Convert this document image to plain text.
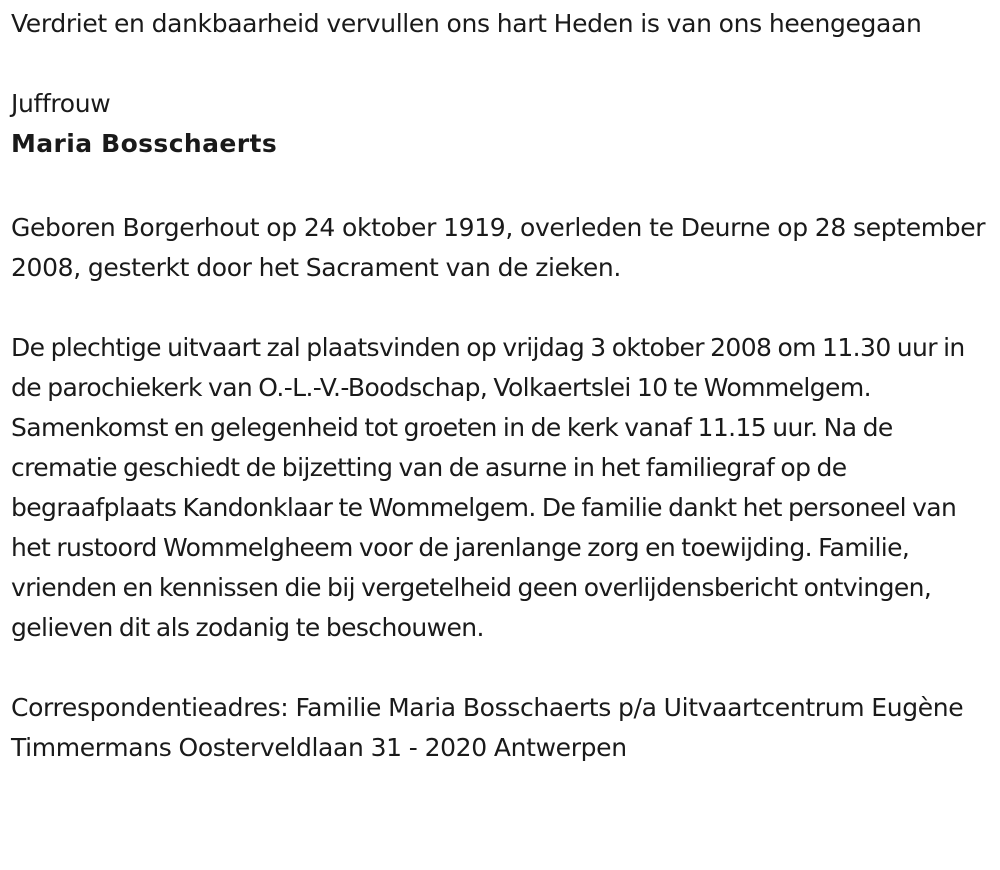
Verdriet en dankbaarheid vervullen ons hart Heden is van ons heengegaan

Juffrouw

Maria Bosschaerts

Geboren Borgerhout op 24 oktober 1919, overleden te Deurne op 28 september 2008, gesterkt door het Sacrament van de zieken.

De plechtige uitvaart zal plaatsvinden op vrijdag 3 oktober 2008 om 11.30 uur in de parochiekerk van O.-L.-V.-Boodschap, Volkaertslei 10 te Wommelgem. Samenkomst en gelegenheid tot groeten in de kerk vanaf 11.15 uur. Na de crematie geschiedt de bijzetting van de asurne in het familiegraf op de begraafplaats Kandonklaar te Wommelgem. De familie dankt het personeel van het rustoord Wommelgheem voor de jarenlange zorg en toewijding. Familie, vrienden en kennissen die bij vergetelheid geen overlijdensbericht ontvingen, gelieven dit als zodanig te beschouwen.

Correspondentieadres: Familie Maria Bosschaerts p/a Uitvaartcentrum Eugène Timmermans Oosterveldlaan 31 - 2020 Antwerpen
